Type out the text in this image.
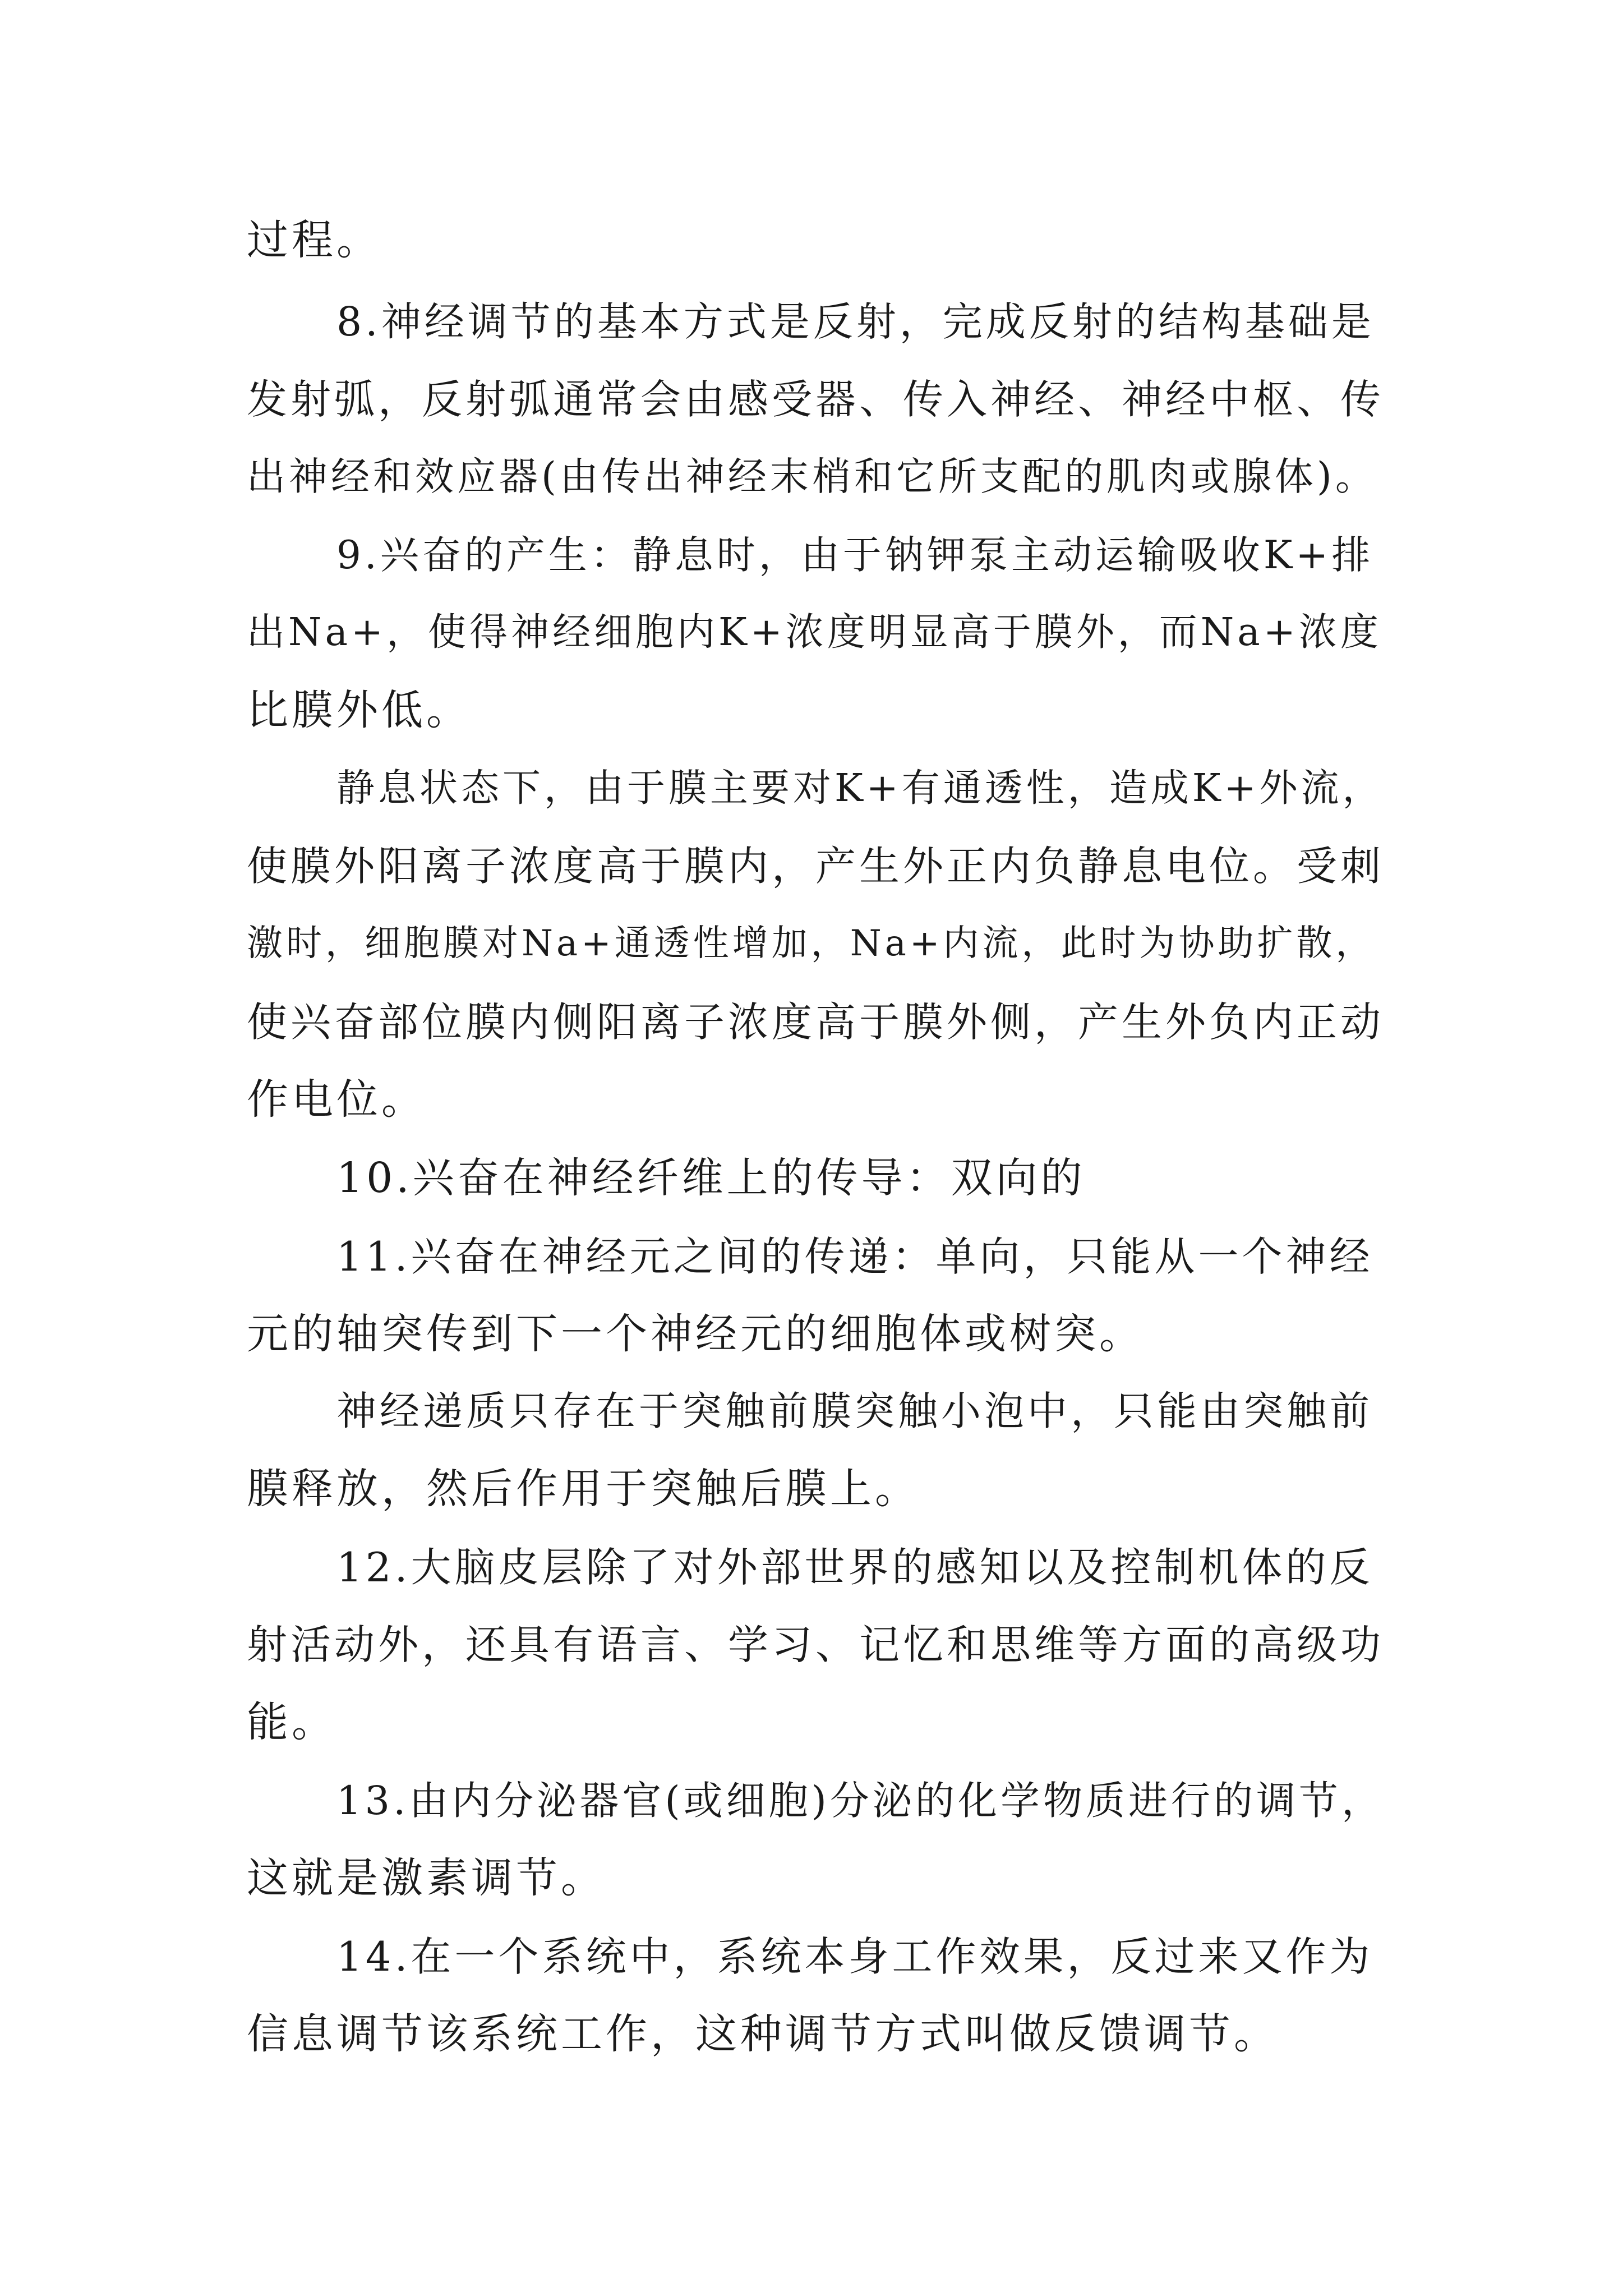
过程。
8.神经调节的基本方式是反射，完成反射的结构基础是
发射弧，反射弧通常会由感受器、传入神经、神经中枢、传
出神经和效应器(由传出神经末梢和它所支配的肌肉或腺体)。
9.兴奋的产生：静息时，由于钠钾泵主动运输吸收K+排
出Na+，使得神经细胞内K+浓度明显高于膜外，而Na+浓度
比膜外低。
静息状态下，由于膜主要对K+有通透性，造成K+外流，
使膜外阳离子浓度高于膜内，产生外正内负静息电位。受刺
激时，细胞膜对Na+通透性增加，Na+内流，此时为协助扩散，
使兴奋部位膜内侧阳离子浓度高于膜外侧，产生外负内正动
作电位。
10.兴奋在神经纤维上的传导：双向的
11.兴奋在神经元之间的传递：单向，只能从一个神经
元的轴突传到下一个神经元的细胞体或树突。
神经递质只存在于突触前膜突触小泡中，只能由突触前
膜释放，然后作用于突触后膜上。
12.大脑皮层除了对外部世界的感知以及控制机体的反
射活动外，还具有语言、学习、记忆和思维等方面的高级功
能。
13.由内分泌器官(或细胞)分泌的化学物质进行的调节，
这就是激素调节。
14.在一个系统中，系统本身工作效果，反过来又作为
信息调节该系统工作，这种调节方式叫做反馈调节。
